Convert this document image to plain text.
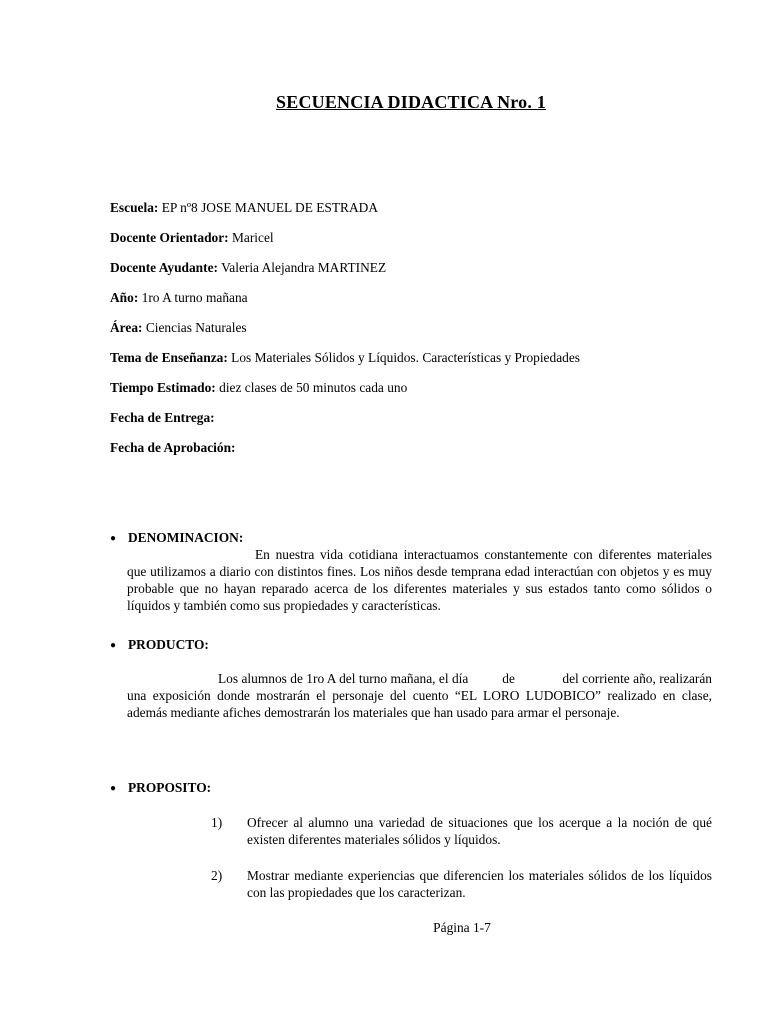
SECUENCIA DIDACTICA Nro. 1
Escuela: EP nº8 JOSE MANUEL DE ESTRADA
Docente Orientador: Maricel
Docente Ayudante: Valeria Alejandra MARTINEZ
Año: 1ro A turno mañana
Área: Ciencias Naturales
Tema de Enseñanza: Los Materiales Sólidos y Líquidos. Características y Propiedades
Tiempo Estimado: diez clases de 50 minutos cada uno
Fecha de Entrega:
Fecha de Aprobación:
● DENOMINACION:
En nuestra vida cotidiana interactuamos constantemente con diferentes materiales que utilizamos a diario con distintos fines. Los niños desde temprana edad interactúan con objetos y es muy probable que no hayan reparado acerca de los diferentes materiales y sus estados tanto como sólidos o líquidos y también como sus propiedades y características.
● PRODUCTO:
Los alumnos de 1ro A del turno mañana, el día          de              del corriente año, realizarán una exposición donde mostrarán el personaje del cuento “EL LORO LUDOBICO” realizado en clase, además mediante afiches demostrarán los materiales que han usado para armar el personaje.
● PROPOSITO:
1) Ofrecer al alumno una variedad de situaciones que los acerque a la noción de qué existen diferentes materiales sólidos y líquidos.
2) Mostrar mediante experiencias que diferencien los materiales sólidos de los líquidos con las propiedades que los caracterizan.
Página 1-7
